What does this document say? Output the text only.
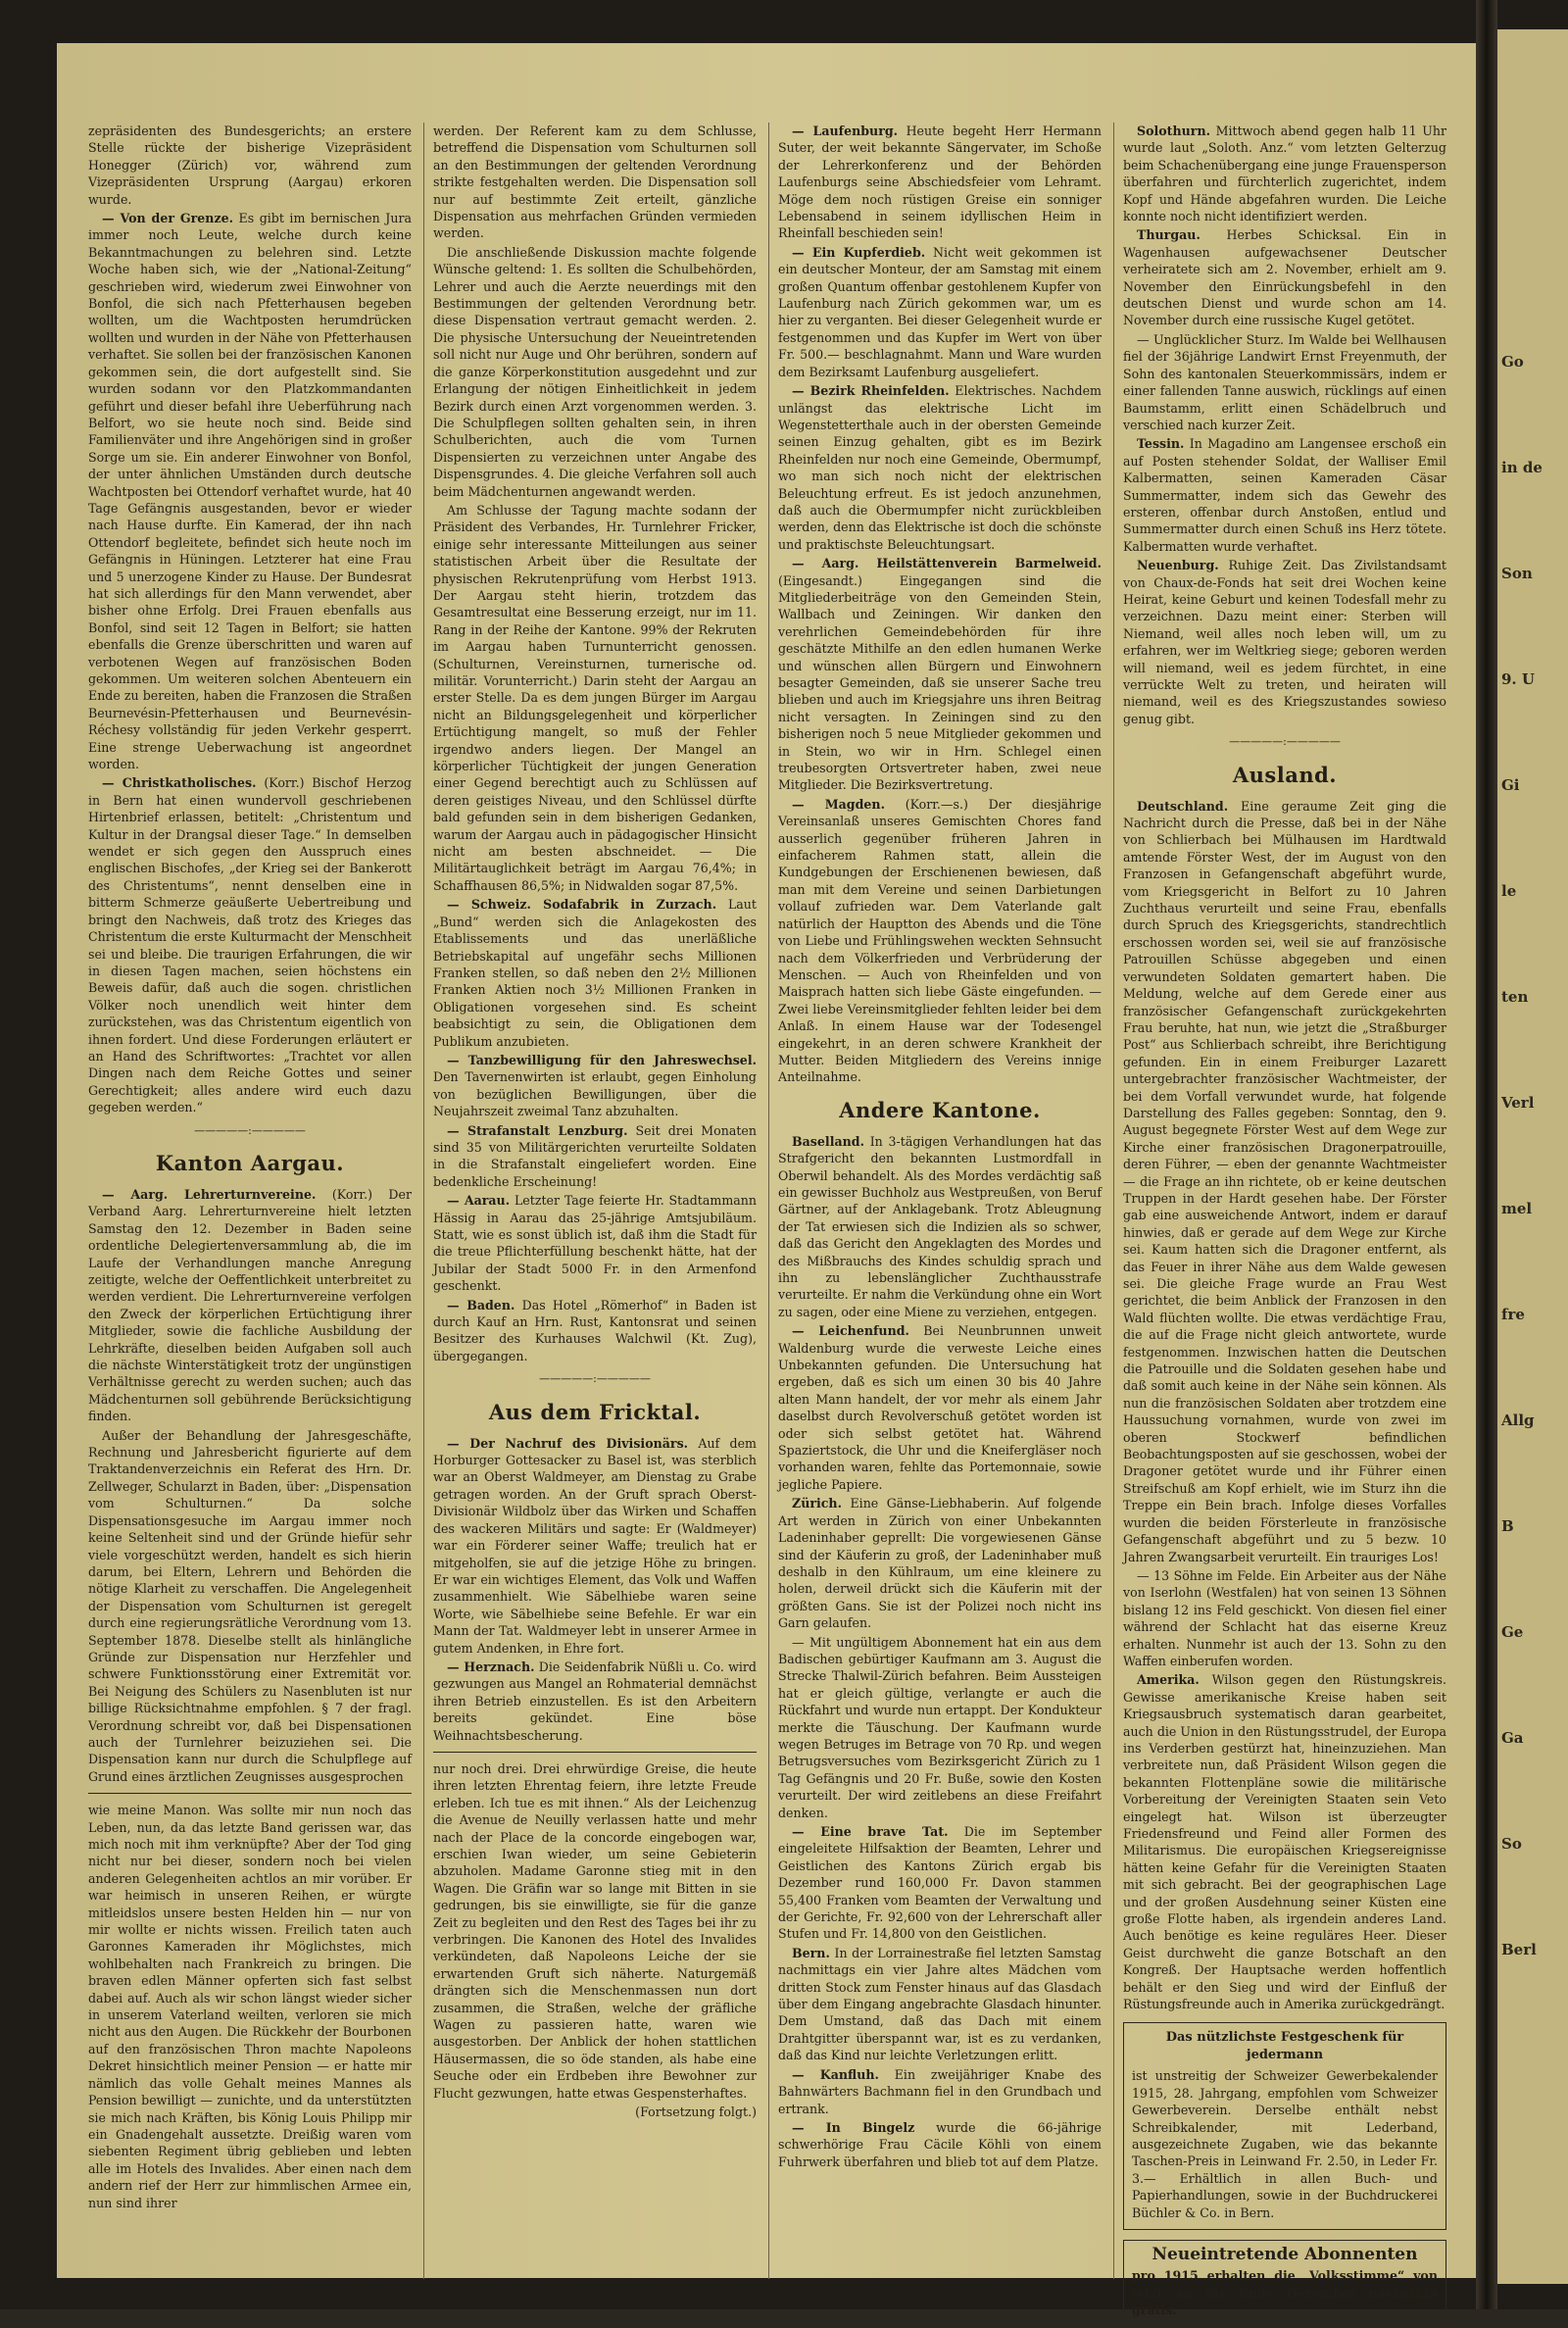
Go
in de
Son
9. U
Gi
le
ten
Verl
mel
fre
Allg
B
Ge
Ga
So
Berl

zepräsidenten des Bundesgerichts; an erstere Stelle rückte der bisherige Vizepräsident Honegger (Zürich) vor, während zum Vizepräsidenten Ursprung (Aargau) erkoren wurde.

— Von der Grenze. Es gibt im bernischen Jura immer noch Leute, welche durch keine Bekanntmachungen zu belehren sind. Letzte Woche haben sich, wie der „National-Zeitung“ geschrieben wird, wiederum zwei Einwohner von Bonfol, die sich nach Pfetterhausen begeben wollten, um die Wachtposten herumdrücken wollten und wurden in der Nähe von Pfetterhausen verhaftet. Sie sollen bei der französischen Kanonen gekommen sein, die dort aufgestellt sind. Sie wurden sodann vor den Platzkommandanten geführt und dieser befahl ihre Ueberführung nach Belfort, wo sie heute noch sind. Beide sind Familienväter und ihre Angehörigen sind in großer Sorge um sie. Ein anderer Einwohner von Bonfol, der unter ähnlichen Umständen durch deutsche Wachtposten bei Ottendorf verhaftet wurde, hat 40 Tage Gefängnis ausgestanden, bevor er wieder nach Hause durfte. Ein Kamerad, der ihn nach Ottendorf begleitete, befindet sich heute noch im Gefängnis in Hüningen. Letzterer hat eine Frau und 5 unerzogene Kinder zu Hause. Der Bundesrat hat sich allerdings für den Mann verwendet, aber bisher ohne Erfolg. Drei Frauen ebenfalls aus Bonfol, sind seit 12 Tagen in Belfort; sie hatten ebenfalls die Grenze überschritten und waren auf verbotenen Wegen auf französischen Boden gekommen. Um weiteren solchen Abenteuern ein Ende zu bereiten, haben die Franzosen die Straßen Beurnevésin-Pfetterhausen und Beurnevésin-Réchesy vollständig für jeden Verkehr gesperrt. Eine strenge Ueberwachung ist angeordnet worden.

— Christkatholisches. (Korr.) Bischof Herzog in Bern hat einen wundervoll geschriebenen Hirtenbrief erlassen, betitelt: „Christentum und Kultur in der Drangsal dieser Tage.“ In demselben wendet er sich gegen den Ausspruch eines englischen Bischofes, „der Krieg sei der Bankerott des Christentums“, nennt denselben eine in bitterm Schmerze geäußerte Uebertreibung und bringt den Nachweis, daß trotz des Krieges das Christentum die erste Kulturmacht der Menschheit sei und bleibe. Die traurigen Erfahrungen, die wir in diesen Tagen machen, seien höchstens ein Beweis dafür, daß auch die sogen. christlichen Völker noch unendlich weit hinter dem zurückstehen, was das Christentum eigentlich von ihnen fordert. Und diese Forderungen erläutert er an Hand des Schriftwortes: „Trachtet vor allen Dingen nach dem Reiche Gottes und seiner Gerechtigkeit; alles andere wird euch dazu gegeben werden.“

—————:—————
Kanton Aargau.

— Aarg. Lehrerturnvereine. (Korr.) Der Verband Aarg. Lehrerturnvereine hielt letzten Samstag den 12. Dezember in Baden seine ordentliche Delegiertenversammlung ab, die im Laufe der Verhandlungen manche Anregung zeitigte, welche der Oeffentlichkeit unterbreitet zu werden verdient. Die Lehrerturnvereine verfolgen den Zweck der körperlichen Ertüchtigung ihrer Mitglieder, sowie die fachliche Ausbildung der Lehrkräfte, dieselben beiden Aufgaben soll auch die nächste Winterstätigkeit trotz der ungünstigen Verhältnisse gerecht zu werden suchen; auch das Mädchenturnen soll gebührende Berücksichtigung finden.

Außer der Behandlung der Jahresgeschäfte, Rechnung und Jahresbericht figurierte auf dem Traktandenverzeichnis ein Referat des Hrn. Dr. Zellweger, Schularzt in Baden, über: „Dispensation vom Schulturnen.“ Da solche Dispensationsgesuche im Aargau immer noch keine Seltenheit sind und der Gründe hiefür sehr viele vorgeschützt werden, handelt es sich hierin darum, bei Eltern, Lehrern und Behörden die nötige Klarheit zu verschaffen. Die Angelegenheit der Dispensation vom Schulturnen ist geregelt durch eine regierungsrätliche Verordnung vom 13. September 1878. Dieselbe stellt als hinlängliche Gründe zur Dispensation nur Herzfehler und schwere Funktionsstörung einer Extremität vor. Bei Neigung des Schülers zu Nasenbluten ist nur billige Rücksichtnahme empfohlen. § 7 der fragl. Verordnung schreibt vor, daß bei Dispensationen auch der Turnlehrer beizuziehen sei. Die Dispensation kann nur durch die Schulpflege auf Grund eines ärztlichen Zeugnisses ausgesprochen

wie meine Manon. Was sollte mir nun noch das Leben, nun, da das letzte Band gerissen war, das mich noch mit ihm verknüpfte? Aber der Tod ging nicht nur bei dieser, sondern noch bei vielen anderen Gelegenheiten achtlos an mir vorüber. Er war heimisch in unseren Reihen, er würgte mitleidslos unsere besten Helden hin — nur von mir wollte er nichts wissen. Freilich taten auch Garonnes Kameraden ihr Möglichstes, mich wohlbehalten nach Frankreich zu bringen. Die braven edlen Männer opferten sich fast selbst dabei auf. Auch als wir schon längst wieder sicher in unserem Vaterland weilten, verloren sie mich nicht aus den Augen. Die Rückkehr der Bourbonen auf den französischen Thron machte Napoleons Dekret hinsichtlich meiner Pension — er hatte mir nämlich das volle Gehalt meines Mannes als Pension bewilligt — zunichte, und da unterstützten sie mich nach Kräften, bis König Louis Philipp mir ein Gnadengehalt aussetzte. Dreißig waren vom siebenten Regiment übrig geblieben und lebten alle im Hotels des Invalides. Aber einen nach dem andern rief der Herr zur himmlischen Armee ein, nun sind ihrer

werden. Der Referent kam zu dem Schlusse, betreffend die Dispensation vom Schulturnen soll an den Bestimmungen der geltenden Verordnung strikte festgehalten werden. Die Dispensation soll nur auf bestimmte Zeit erteilt, gänzliche Dispensation aus mehrfachen Gründen vermieden werden.

Die anschließende Diskussion machte folgende Wünsche geltend: 1. Es sollten die Schulbehörden, Lehrer und auch die Aerzte neuerdings mit den Bestimmungen der geltenden Verordnung betr. diese Dispensation vertraut gemacht werden. 2. Die physische Untersuchung der Neueintretenden soll nicht nur Auge und Ohr berühren, sondern auf die ganze Körperkonstitution ausgedehnt und zur Erlangung der nötigen Einheitlichkeit in jedem Bezirk durch einen Arzt vorgenommen werden. 3. Die Schulpflegen sollten gehalten sein, in ihren Schulberichten, auch die vom Turnen Dispensierten zu verzeichnen unter Angabe des Dispensgrundes. 4. Die gleiche Verfahren soll auch beim Mädchenturnen angewandt werden.

Am Schlusse der Tagung machte sodann der Präsident des Verbandes, Hr. Turnlehrer Fricker, einige sehr interessante Mitteilungen aus seiner statistischen Arbeit über die Resultate der physischen Rekrutenprüfung vom Herbst 1913. Der Aargau steht hierin, trotzdem das Gesamtresultat eine Besserung erzeigt, nur im 11. Rang in der Reihe der Kantone. 99% der Rekruten im Aargau haben Turnunterricht genossen. (Schulturnen, Vereinsturnen, turnerische od. militär. Vorunterricht.) Darin steht der Aargau an erster Stelle. Da es dem jungen Bürger im Aargau nicht an Bildungsgelegenheit und körperlicher Ertüchtigung mangelt, so muß der Fehler irgendwo anders liegen. Der Mangel an körperlicher Tüchtigkeit der jungen Generation einer Gegend berechtigt auch zu Schlüssen auf deren geistiges Niveau, und den Schlüssel dürfte bald gefunden sein in dem bisherigen Gedanken, warum der Aargau auch in pädagogischer Hinsicht nicht am besten abschneidet. — Die Militärtauglichkeit beträgt im Aargau 76,4%; in Schaffhausen 86,5%; in Nidwalden sogar 87,5%.

— Schweiz. Sodafabrik in Zurzach. Laut „Bund“ werden sich die Anlagekosten des Etablissements und das unerläßliche Betriebskapital auf ungefähr sechs Millionen Franken stellen, so daß neben den 2½ Millionen Franken Aktien noch 3½ Millionen Franken in Obligationen vorgesehen sind. Es scheint beabsichtigt zu sein, die Obligationen dem Publikum anzubieten.

— Tanzbewilligung für den Jahreswechsel. Den Tavernenwirten ist erlaubt, gegen Einholung von bezüglichen Bewilligungen, über die Neujahrszeit zweimal Tanz abzuhalten.

— Strafanstalt Lenzburg. Seit drei Monaten sind 35 von Militärgerichten verurteilte Soldaten in die Strafanstalt eingeliefert worden. Eine bedenkliche Erscheinung!

— Aarau. Letzter Tage feierte Hr. Stadtammann Hässig in Aarau das 25-jährige Amtsjubiläum. Statt, wie es sonst üblich ist, daß ihm die Stadt für die treue Pflichterfüllung beschenkt hätte, hat der Jubilar der Stadt 5000 Fr. in den Armenfond geschenkt.

— Baden. Das Hotel „Römerhof“ in Baden ist durch Kauf an Hrn. Rust, Kantonsrat und seinen Besitzer des Kurhauses Walchwil (Kt. Zug), übergegangen.

—————:—————
Aus dem Fricktal.

— Der Nachruf des Divisionärs. Auf dem Horburger Gottesacker zu Basel ist, was sterblich war an Oberst Waldmeyer, am Dienstag zu Grabe getragen worden. An der Gruft sprach Oberst-Divisionär Wildbolz über das Wirken und Schaffen des wackeren Militärs und sagte: Er (Waldmeyer) war ein Förderer seiner Waffe; treulich hat er mitgeholfen, sie auf die jetzige Höhe zu bringen. Er war ein wichtiges Element, das Volk und Waffen zusammenhielt. Wie Säbelhiebe waren seine Worte, wie Säbelhiebe seine Befehle. Er war ein Mann der Tat. Waldmeyer lebt in unserer Armee in gutem Andenken, in Ehre fort.

— Herznach. Die Seidenfabrik Nüßli u. Co. wird gezwungen aus Mangel an Rohmaterial demnächst ihren Betrieb einzustellen. Es ist den Arbeitern bereits gekündet. Eine böse Weihnachtsbescherung.

nur noch drei. Drei ehrwürdige Greise, die heute ihren letzten Ehrentag feiern, ihre letzte Freude erleben. Ich tue es mit ihnen.“ Als der Leichenzug die Avenue de Neuilly verlassen hatte und mehr nach der Place de la concorde eingebogen war, erschien Iwan wieder, um seine Gebieterin abzuholen. Madame Garonne stieg mit in den Wagen. Die Gräfin war so lange mit Bitten in sie gedrungen, bis sie einwilligte, sie für die ganze Zeit zu begleiten und den Rest des Tages bei ihr zu verbringen. Die Kanonen des Hotel des Invalides verkündeten, daß Napoleons Leiche der sie erwartenden Gruft sich näherte. Naturgemäß drängten sich die Menschenmassen nun dort zusammen, die Straßen, welche der gräfliche Wagen zu passieren hatte, waren wie ausgestorben. Der Anblick der hohen stattlichen Häusermassen, die so öde standen, als habe eine Seuche oder ein Erdbeben ihre Bewohner zur Flucht gezwungen, hatte etwas Gespensterhaftes.

(Fortsetzung folgt.)

— Laufenburg. Heute begeht Herr Hermann Suter, der weit bekannte Sängervater, im Schoße der Lehrerkonferenz und der Behörden Laufenburgs seine Abschiedsfeier vom Lehramt. Möge dem noch rüstigen Greise ein sonniger Lebensabend in seinem idyllischen Heim in Rheinfall beschieden sein!

— Ein Kupferdieb. Nicht weit gekommen ist ein deutscher Monteur, der am Samstag mit einem großen Quantum offenbar gestohlenem Kupfer von Laufenburg nach Zürich gekommen war, um es hier zu verganten. Bei dieser Gelegenheit wurde er festgenommen und das Kupfer im Wert von über Fr. 500.— beschlagnahmt. Mann und Ware wurden dem Bezirksamt Laufenburg ausgeliefert.

— Bezirk Rheinfelden. Elektrisches. Nachdem unlängst das elektrische Licht im Wegenstetterthale auch in der obersten Gemeinde seinen Einzug gehalten, gibt es im Bezirk Rheinfelden nur noch eine Gemeinde, Obermumpf, wo man sich noch nicht der elektrischen Beleuchtung erfreut. Es ist jedoch anzunehmen, daß auch die Obermumpfer nicht zurückbleiben werden, denn das Elektrische ist doch die schönste und praktischste Beleuchtungsart.

— Aarg. Heilstättenverein Barmelweid. (Eingesandt.) Eingegangen sind die Mitgliederbeiträge von den Gemeinden Stein, Wallbach und Zeiningen. Wir danken den verehrlichen Gemeindebehörden für ihre geschätzte Mithilfe an den edlen humanen Werke und wünschen allen Bürgern und Einwohnern besagter Gemeinden, daß sie unserer Sache treu blieben und auch im Kriegsjahre uns ihren Beitrag nicht versagten. In Zeiningen sind zu den bisherigen noch 5 neue Mitglieder gekommen und in Stein, wo wir in Hrn. Schlegel einen treubesorgten Ortsvertreter haben, zwei neue Mitglieder. Die Bezirksvertretung.

— Magden. (Korr.—s.) Der diesjährige Vereinsanlaß unseres Gemischten Chores fand ausserlich gegenüber früheren Jahren in einfacherem Rahmen statt, allein die Kundgebungen der Erschienenen bewiesen, daß man mit dem Vereine und seinen Darbietungen vollauf zufrieden war. Dem Vaterlande galt natürlich der Hauptton des Abends und die Töne von Liebe und Frühlingswehen weckten Sehnsucht nach dem Völkerfrieden und Verbrüderung der Menschen. — Auch von Rheinfelden und von Maisprach hatten sich liebe Gäste eingefunden. — Zwei liebe Vereinsmitglieder fehlten leider bei dem Anlaß. In einem Hause war der Todesengel eingekehrt, in an deren schwere Krankheit der Mutter. Beiden Mitgliedern des Vereins innige Anteilnahme.

Andere Kantone.

Baselland. In 3-tägigen Verhandlungen hat das Strafgericht den bekannten Lustmordfall in Oberwil behandelt. Als des Mordes verdächtig saß ein gewisser Buchholz aus Westpreußen, von Beruf Gärtner, auf der Anklagebank. Trotz Ableugnung der Tat erwiesen sich die Indizien als so schwer, daß das Gericht den Angeklagten des Mordes und des Mißbrauchs des Kindes schuldig sprach und ihn zu lebenslänglicher Zuchthausstrafe verurteilte. Er nahm die Verkündung ohne ein Wort zu sagen, oder eine Miene zu verziehen, entgegen.

— Leichenfund. Bei Neunbrunnen unweit Waldenburg wurde die verweste Leiche eines Unbekannten gefunden. Die Untersuchung hat ergeben, daß es sich um einen 30 bis 40 Jahre alten Mann handelt, der vor mehr als einem Jahr daselbst durch Revolverschuß getötet worden ist oder sich selbst getötet hat. Während Spaziertstock, die Uhr und die Kneifergläser noch vorhanden waren, fehlte das Portemonnaie, sowie jegliche Papiere.

Zürich. Eine Gänse-Liebhaberin. Auf folgende Art werden in Zürich von einer Unbekannten Ladeninhaber geprellt: Die vorgewiesenen Gänse sind der Käuferin zu groß, der Ladeninhaber muß deshalb in den Kühlraum, um eine kleinere zu holen, derweil drückt sich die Käuferin mit der größten Gans. Sie ist der Polizei noch nicht ins Garn gelaufen.

— Mit ungültigem Abonnement hat ein aus dem Badischen gebürtiger Kaufmann am 3. August die Strecke Thalwil-Zürich befahren. Beim Aussteigen hat er gleich gültige, verlangte er auch die Rückfahrt und wurde nun ertappt. Der Kondukteur merkte die Täuschung. Der Kaufmann wurde wegen Betruges im Betrage von 70 Rp. und wegen Betrugsversuches vom Bezirksgericht Zürich zu 1 Tag Gefängnis und 20 Fr. Buße, sowie den Kosten verurteilt. Der wird zeitlebens an diese Freifahrt denken.

— Eine brave Tat. Die im September eingeleitete Hilfsaktion der Beamten, Lehrer und Geistlichen des Kantons Zürich ergab bis Dezember rund 160,000 Fr. Davon stammen 55,400 Franken vom Beamten der Verwaltung und der Gerichte, Fr. 92,600 von der Lehrerschaft aller Stufen und Fr. 14,800 von den Geistlichen.

Bern. In der Lorrainestraße fiel letzten Samstag nachmittags ein vier Jahre altes Mädchen vom dritten Stock zum Fenster hinaus auf das Glasdach über dem Eingang angebrachte Glasdach hinunter. Dem Umstand, daß das Dach mit einem Drahtgitter überspannt war, ist es zu verdanken, daß das Kind nur leichte Verletzungen erlitt.

— Kanfluh. Ein zweijähriger Knabe des Bahnwärters Bachmann fiel in den Grundbach und ertrank.

— In Bingelz wurde die 66-jährige schwerhörige Frau Cäcile Köhli von einem Fuhrwerk überfahren und blieb tot auf dem Platze.

Solothurn. Mittwoch abend gegen halb 11 Uhr wurde laut „Soloth. Anz.“ vom letzten Gelterzug beim Schachenübergang eine junge Frauensperson überfahren und fürchterlich zugerichtet, indem Kopf und Hände abgefahren wurden. Die Leiche konnte noch nicht identifiziert werden.

Thurgau. Herbes Schicksal. Ein in Wagenhausen aufgewachsener Deutscher verheiratete sich am 2. November, erhielt am 9. November den Einrückungsbefehl in den deutschen Dienst und wurde schon am 14. November durch eine russische Kugel getötet.

— Unglücklicher Sturz. Im Walde bei Wellhausen fiel der 36jährige Landwirt Ernst Freyenmuth, der Sohn des kantonalen Steuerkommissärs, indem er einer fallenden Tanne auswich, rücklings auf einen Baumstamm, erlitt einen Schädelbruch und verschied nach kurzer Zeit.

Tessin. In Magadino am Langensee erschoß ein auf Posten stehender Soldat, der Walliser Emil Kalbermatten, seinen Kameraden Cäsar Summermatter, indem sich das Gewehr des ersteren, offenbar durch Anstoßen, entlud und Summermatter durch einen Schuß ins Herz tötete. Kalbermatten wurde verhaftet.

Neuenburg. Ruhige Zeit. Das Zivilstandsamt von Chaux-de-Fonds hat seit drei Wochen keine Heirat, keine Geburt und keinen Todesfall mehr zu verzeichnen. Dazu meint einer: Sterben will Niemand, weil alles noch leben will, um zu erfahren, wer im Weltkrieg siege; geboren werden will niemand, weil es jedem fürchtet, in eine verrückte Welt zu treten, und heiraten will niemand, weil es des Kriegszustandes sowieso genug gibt.

—————:—————
Ausland.

Deutschland. Eine geraume Zeit ging die Nachricht durch die Presse, daß bei in der Nähe von Schlierbach bei Mülhausen im Hardtwald amtende Förster West, der im August von den Franzosen in Gefangenschaft abgeführt wurde, vom Kriegsgericht in Belfort zu 10 Jahren Zuchthaus verurteilt und seine Frau, ebenfalls durch Spruch des Kriegsgerichts, standrechtlich erschossen worden sei, weil sie auf französische Patrouillen Schüsse abgegeben und einen verwundeten Soldaten gemartert haben. Die Meldung, welche auf dem Gerede einer aus französischer Gefangenschaft zurückgekehrten Frau beruhte, hat nun, wie jetzt die „Straßburger Post“ aus Schlierbach schreibt, ihre Berichtigung gefunden. Ein in einem Freiburger Lazarett untergebrachter französischer Wachtmeister, der bei dem Vorfall verwundet wurde, hat folgende Darstellung des Falles gegeben: Sonntag, den 9. August begegnete Förster West auf dem Wege zur Kirche einer französischen Dragonerpatrouille, deren Führer, — eben der genannte Wachtmeister — die Frage an ihn richtete, ob er keine deutschen Truppen in der Hardt gesehen habe. Der Förster gab eine ausweichende Antwort, indem er darauf hinwies, daß er gerade auf dem Wege zur Kirche sei. Kaum hatten sich die Dragoner entfernt, als das Feuer in ihrer Nähe aus dem Walde gewesen sei. Die gleiche Frage wurde an Frau West gerichtet, die beim Anblick der Franzosen in den Wald flüchten wollte. Die etwas verdächtige Frau, die auf die Frage nicht gleich antwortete, wurde festgenommen. Inzwischen hatten die Deutschen die Patrouille und die Soldaten gesehen habe und daß somit auch keine in der Nähe sein können. Als nun die französischen Soldaten aber trotzdem eine Haussuchung vornahmen, wurde von zwei im oberen Stockwerf befindlichen Beobachtungsposten auf sie geschossen, wobei der Dragoner getötet wurde und ihr Führer einen Streifschuß am Kopf erhielt, wie im Sturz ihn die Treppe ein Bein brach. Infolge dieses Vorfalles wurden die beiden Försterleute in französische Gefangenschaft abgeführt und zu 5 bezw. 10 Jahren Zwangsarbeit verurteilt. Ein trauriges Los!

— 13 Söhne im Felde. Ein Arbeiter aus der Nähe von Iserlohn (Westfalen) hat von seinen 13 Söhnen bislang 12 ins Feld geschickt. Von diesen fiel einer während der Schlacht hat das eiserne Kreuz erhalten. Nunmehr ist auch der 13. Sohn zu den Waffen einberufen worden.

Amerika. Wilson gegen den Rüstungskreis. Gewisse amerikanische Kreise haben seit Kriegsausbruch systematisch daran gearbeitet, auch die Union in den Rüstungsstrudel, der Europa ins Verderben gestürzt hat, hineinzuziehen. Man verbreitete nun, daß Präsident Wilson gegen die bekannten Flottenpläne sowie die militärische Vorbereitung der Vereinigten Staaten sein Veto eingelegt hat. Wilson ist überzeugter Friedensfreund und Feind aller Formen des Militarismus. Die europäischen Kriegsereignisse hätten keine Gefahr für die Vereinigten Staaten mit sich gebracht. Bei der geographischen Lage und der großen Ausdehnung seiner Küsten eine große Flotte haben, als irgendein anderes Land. Auch benötige es keine reguläres Heer. Dieser Geist durchweht die ganze Botschaft an den Kongreß. Der Hauptsache werden hoffentlich behält er den Sieg und wird der Einfluß der Rüstungsfreunde auch in Amerika zurückgedrängt.

Das nützlichste Festgeschenk für jedermann

ist unstreitig der Schweizer Gewerbekalender 1915, 28. Jahrgang, empfohlen vom Schweizer Gewerbeverein. Derselbe enthält nebst Schreibkalender, mit Lederband, ausgezeichnete Zugaben, wie das bekannte Taschen-Preis in Leinwand Fr. 2.50, in Leder Fr. 3.— Erhältlich in allen Buch- und Papierhandlungen, sowie in der Buchdruckerei Büchler & Co. in Bern.

Neueintretende Abonnenten

pro 1915 erhalten die „Volksstimme“ von jetzt an bis Ende Dezember nächsthin gratis.
